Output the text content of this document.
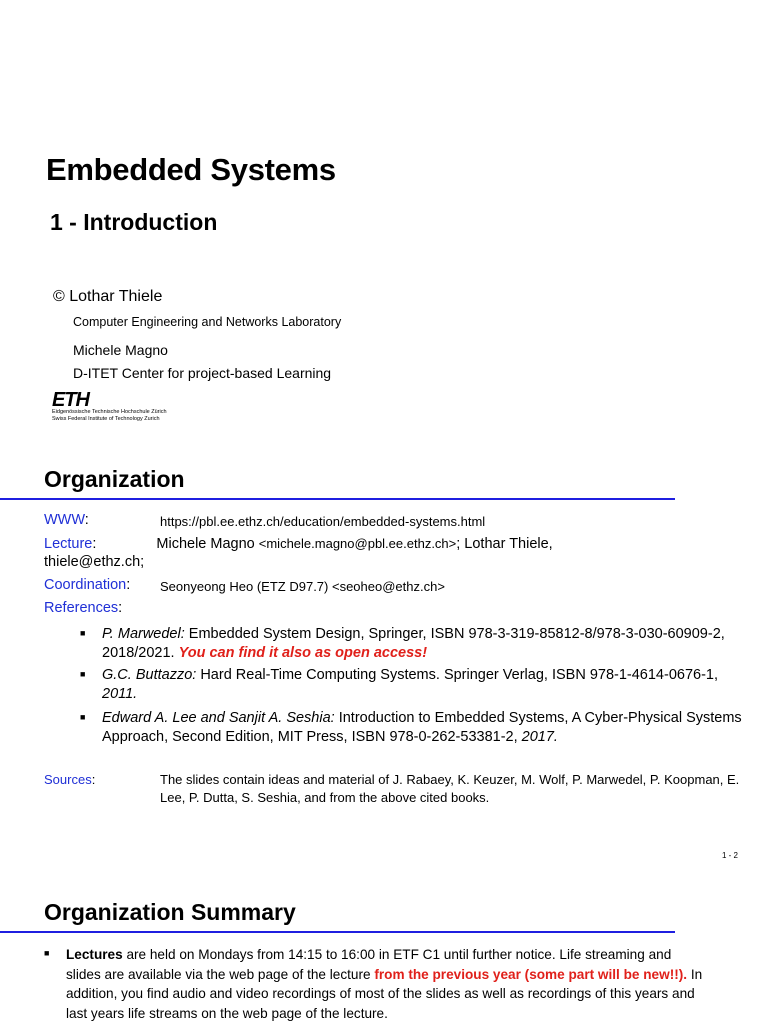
Embedded Systems
1 - Introduction
© Lothar Thiele
Computer Engineering and Networks Laboratory
Michele Magno
D-ITET Center for project-based Learning
ETH
Eidgenössische Technische Hochschule Zürich
Swiss Federal Institute of Technology Zurich
Organization
WWW:	https://pbl.ee.ethz.ch/education/embedded-systems.html
Lecture:	Michele Magno <michele.magno@pbl.ee.ethz.ch>; Lothar Thiele,
thiele@ethz.ch;
Coordination: Seonyeong Heo (ETZ D97.7) <seoheo@ethz.ch>
References:
■ P. Marwedel: Embedded System Design, Springer, ISBN 978-3-319-85812-8/978-3-030-60909-2, 2018/2021. You can find it also as open access!
■ G.C. Buttazzo: Hard Real-Time Computing Systems. Springer Verlag, ISBN 978-1-4614-0676-1, 2011.
■ Edward A. Lee and Sanjit A. Seshia: Introduction to Embedded Systems, A Cyber-Physical Systems Approach, Second Edition, MIT Press, ISBN 978-0-262-53381-2, 2017.
Sources:	The slides contain ideas and material of J. Rabaey, K. Keuzer, M. Wolf, P. Marwedel, P. Koopman, E. Lee, P. Dutta, S. Seshia, and from the above cited books.
1 - 2
Organization Summary
■ Lectures are held on Mondays from 14:15 to 16:00 in ETF C1 until further notice. Life streaming and slides are available via the web page of the lecture from the previous year (some part will be new!!). In addition, you find audio and video recordings of most of the slides as well as recordings of this years and last years life streams on the web page of the lecture.
